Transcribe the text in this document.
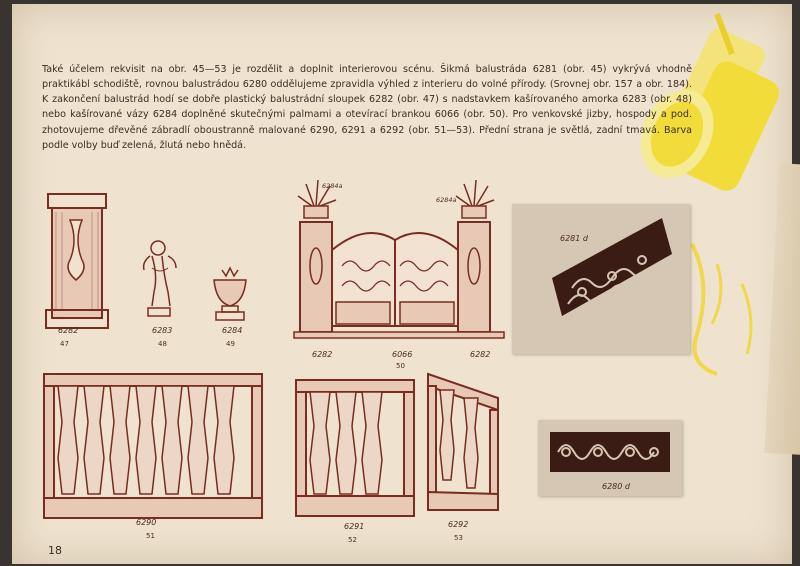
Také účelem rekvisit na obr. 45—53 je rozdělit a doplnit interierovou scénu. Šikmá balustráda 6281 (obr. 45) vykrývá vhodně praktikábl schodiště, rovnou balustrádou 6280 oddělujeme zpravidla výhled z interieru do volné přírody. (Srovnej obr. 157 a obr. 184). K zakončení balustrád hodí se dobře plastický balustrádní sloupek 6282 (obr. 47) s nadstavkem kašírovaného amorka 6283 (obr. 48) nebo kašírované vázy 6284 doplněné skutečnými palmami a otevírací brankou 6066 (obr. 50). Pro venkovské jizby, hospody a pod. zhotovujeme dřevěné zábradlí oboustranně malované 6290, 6291 a 6292 (obr. 51—53). Přední strana je světlá, zadní tmavá. Barva podle volby buď zelená, žlutá nebo hnědá.

6282
47
6283
48
6284
49
6284a
6284a
6282	6066	6282
50
6281 d
6280 d
6290
51
6291
52
6292
53
18
